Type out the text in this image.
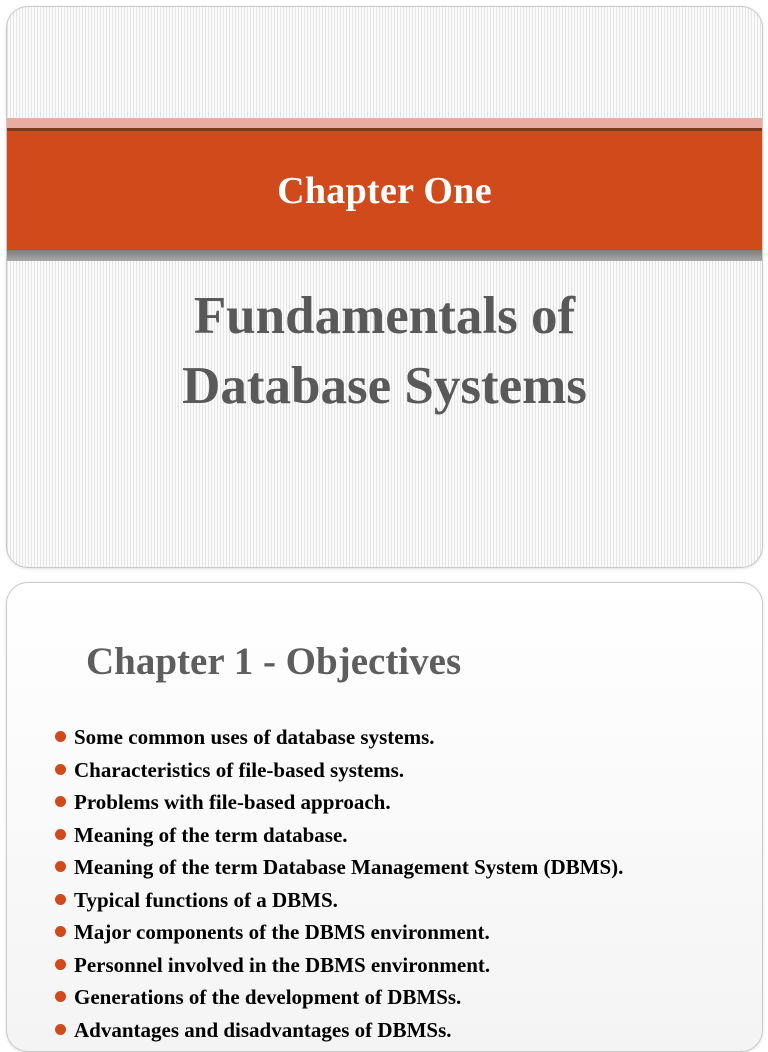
Chapter One
Fundamentals of
Database Systems
Chapter 1 - Objectives
Some common uses of database systems.
Characteristics of file-based systems.
Problems with file-based approach.
Meaning of the term database.
Meaning of the term Database Management System (DBMS).
Typical functions of a DBMS.
Major components of the DBMS environment.
Personnel involved in the DBMS environment.
Generations of the development of DBMSs.
Advantages and disadvantages of DBMSs.
